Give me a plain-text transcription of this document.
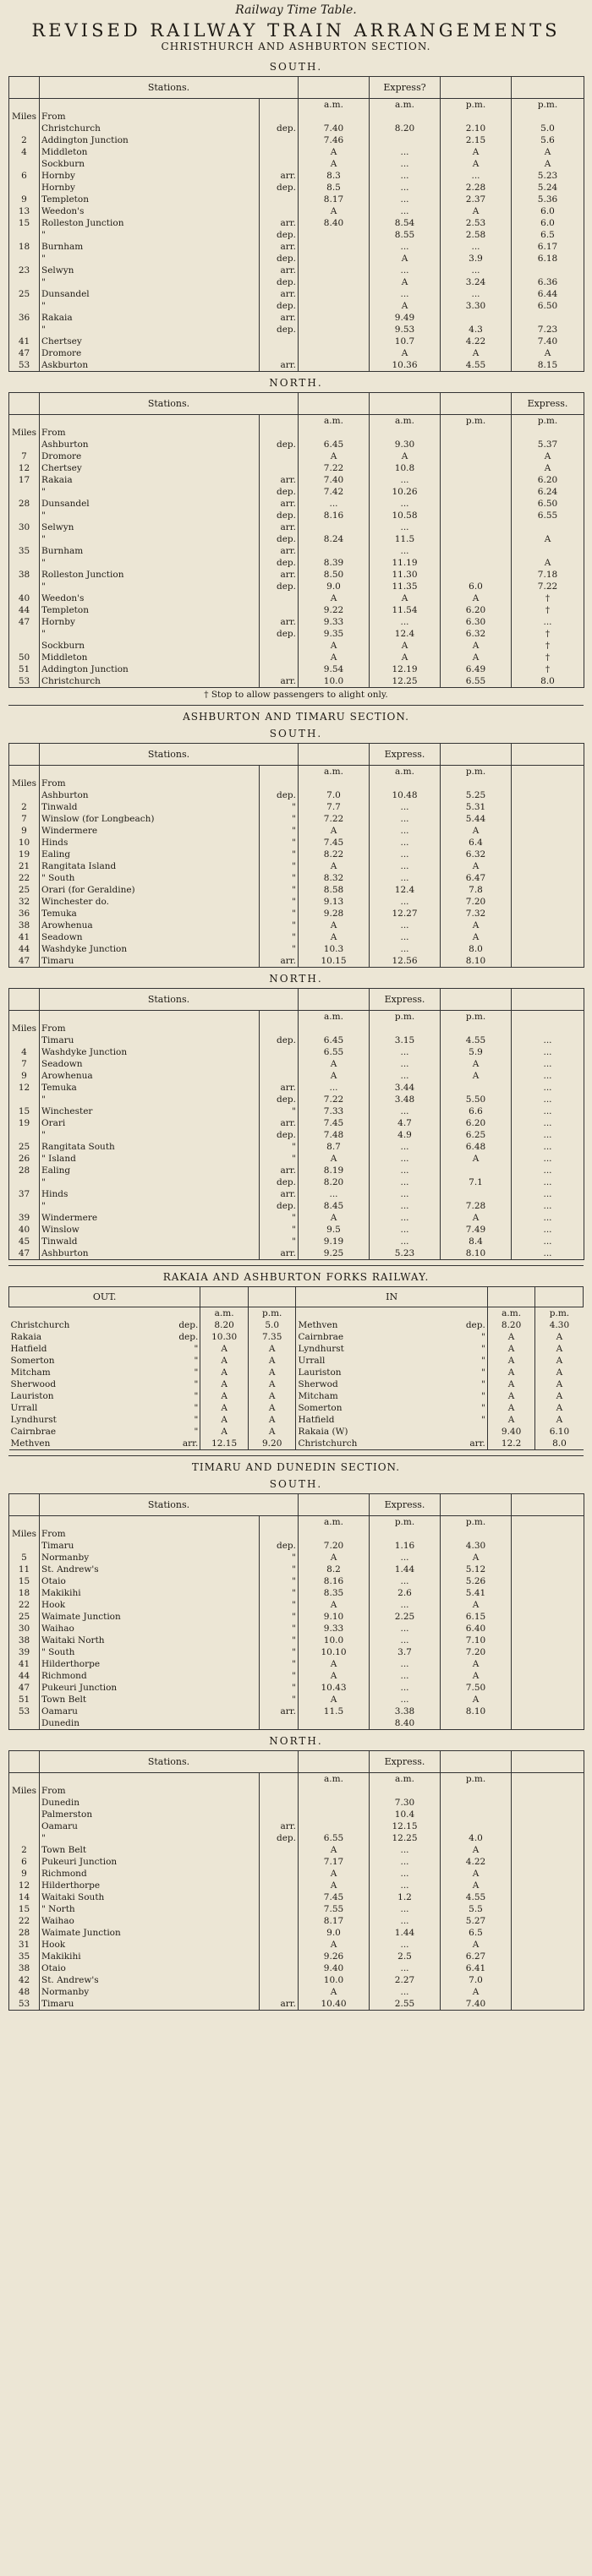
Railway Time Table.
REVISED RAILWAY TRAIN ARRANGEMENTS
CHRISTHURCH AND ASHBURTON SECTION.
SOUTH.
	Stations.			Express?		
			a.m.	a.m.	p.m.	p.m.
Miles	From					
	Christchurch	dep.	7.40	8.20	2.10	5.0
2	Addington Junction		7.46		2.15	5.6
4	Middleton		A	...	A	A
	Sockburn		A	...	A	A
6	Hornby	arr.	8.3	...	...	5.23
	Hornby	dep.	8.5	...	2.28	5.24
9	Templeton		8.17	...	2.37	5.36
13	Weedon's		A	...	A	6.0
15	Rolleston Junction	arr.	8.40	8.54	2.53	6.0
	"	dep.		8.55	2.58	6.5
18	Burnham	arr.		...	...	6.17
	"	dep.		A	3.9	6.18
23	Selwyn	arr.		...	...	
	"	dep.		A	3.24	6.36
25	Dunsandel	arr.		...	...	6.44
	"	dep.		A	3.30	6.50
36	Rakaia	arr.		9.49		
	"	dep.		9.53	4.3	7.23
41	Chertsey			10.7	4.22	7.40
47	Dromore			A	A	A
53	Askburton	arr.		10.36	4.55	8.15
NORTH.
	Stations.					Express.
			a.m.	a.m.	p.m.	p.m.
Miles	From					
	Ashburton	dep.	6.45	9.30		5.37
7	Dromore		A	A		A
12	Chertsey		7.22	10.8		A
17	Rakaia	arr.	7.40	...		6.20
	"	dep.	7.42	10.26		6.24
28	Dunsandel	arr.	...	...		6.50
	"	dep.	8.16	10.58		6.55
30	Selwyn	arr.		...		
	"	dep.	8.24	11.5		A
35	Burnham	arr.		...		
	"	dep.	8.39	11.19		A
38	Rolleston Junction	arr.	8.50	11.30		7.18
	"	dep.	9.0	11.35	6.0	7.22
40	Weedon's		A	A	A	†
44	Templeton		9.22	11.54	6.20	†
47	Hornby	arr.	9.33	...	6.30	...
	"	dep.	9.35	12.4	6.32	†
	Sockburn		A	A	A	†
50	Middleton		A	A	A	†
51	Addington Junction		9.54	12.19	6.49	†
53	Christchurch	arr.	10.0	12.25	6.55	8.0
† Stop to allow passengers to alight only.
ASHBURTON AND TIMARU SECTION.
SOUTH.
	Stations.			Express.		
			a.m.	a.m.	p.m.	
Miles	From					
	Ashburton	dep.	7.0	10.48	5.25	
2	Tinwald	"	7.7	...	5.31	
7	Winslow (for Longbeach)	"	7.22	...	5.44	
9	Windermere	"	A	...	A	
10	Hinds	"	7.45	...	6.4	
19	Ealing	"	8.22	...	6.32	
21	Rangitata Island	"	A	...	A	
22	" South	"	8.32	...	6.47	
25	Orari (for Geraldine)	"	8.58	12.4	7.8	
32	Winchester do.	"	9.13	...	7.20	
36	Temuka	"	9.28	12.27	7.32	
38	Arowhenua	"	A	...	A	
41	Seadown	"	A	...	A	
44	Washdyke Junction	"	10.3	...	8.0	
47	Timaru	arr.	10.15	12.56	8.10	
NORTH.
	Stations.			Express.		
			a.m.	p.m.	p.m.	
Miles	From					
	Timaru	dep.	6.45	3.15	4.55	...
4	Washdyke Junction		6.55	...	5.9	...
7	Seadown		A	...	A	...
9	Arowhenua		A	...	A	...
12	Temuka	arr.	...	3.44		...
	"	dep.	7.22	3.48	5.50	...
15	Winchester	"	7.33	...	6.6	...
19	Orari	arr.	7.45	4.7	6.20	...
	"	dep.	7.48	4.9	6.25	...
25	Rangitata South	"	8.7	...	6.48	...
26	" Island	"	A	...	A	...
28	Ealing	arr.	8.19	...		...
	"	dep.	8.20	...	7.1	...
37	Hinds	arr.	...	...		...
	"	dep.	8.45	...	7.28	...
39	Windermere	"	A	...	A	...
40	Winslow	"	9.5	...	7.49	...
45	Tinwald	"	9.19	...	8.4	...
47	Ashburton	arr.	9.25	5.23	8.10	...
RAKAIA AND ASHBURTON FORKS RAILWAY.
OUT.				IN			
		a.m.	p.m.			a.m.	p.m.
Christchurch	dep.	8.20	5.0	Methven	dep.	8.20	4.30
Rakaia	dep.	10.30	7.35	Cairnbrae	"	A	A
Hatfield	"	A	A	Lyndhurst	"	A	A
Somerton	"	A	A	Urrall	"	A	A
Mitcham	"	A	A	Lauriston	"	A	A
Sherwood	"	A	A	Sherwod	"	A	A
Lauriston	"	A	A	Mitcham	"	A	A
Urrall	"	A	A	Somerton	"	A	A
Lyndhurst	"	A	A	Hatfield	"	A	A
Cairnbrae	"	A	A	Rakaia (W)		9.40	6.10
Methven	arr.	12.15	9.20	Christchurch	arr.	12.2	8.0
TIMARU AND DUNEDIN SECTION.
SOUTH.
	Stations.			Express.		
			a.m.	p.m.	p.m.	
Miles	From					
	Timaru	dep.	7.20	1.16	4.30	
5	Normanby	"	A	...	A	
11	St. Andrew's	"	8.2	1.44	5.12	
15	Otaio	"	8.16	...	5.26	
18	Makikihi	"	8.35	2.6	5.41	
22	Hook	"	A	...	A	
25	Waimate Junction	"	9.10	2.25	6.15	
30	Waihao	"	9.33	...	6.40	
38	Waitaki North	"	10.0	...	7.10	
39	" South	"	10.10	3.7	7.20	
41	Hilderthorpe	"	A	...	A	
44	Richmond	"	A	...	A	
47	Pukeuri Junction	"	10.43	...	7.50	
51	Town Belt	"	A	...	A	
53	Oamaru	arr.	11.5	3.38	8.10	
	Dunedin			8.40		
NORTH.
	Stations.			Express.		
			a.m.	a.m.	p.m.	
Miles	From					
	Dunedin			7.30		
	Palmerston			10.4		
	Oamaru	arr.		12.15		
	"	dep.	6.55	12.25	4.0	
2	Town Belt		A	...	A	
6	Pukeuri Junction		7.17	...	4.22	
9	Richmond		A	...	A	
12	Hilderthorpe		A	...	A	
14	Waitaki South		7.45	1.2	4.55	
15	" North		7.55	...	5.5	
22	Waihao		8.17	...	5.27	
28	Waimate Junction		9.0	1.44	6.5	
31	Hook		A	...	A	
35	Makikihi		9.26	2.5	6.27	
38	Otaio		9.40	...	6.41	
42	St. Andrew's		10.0	2.27	7.0	
48	Normanby		A	...	A	
53	Timaru	arr.	10.40	2.55	7.40	
